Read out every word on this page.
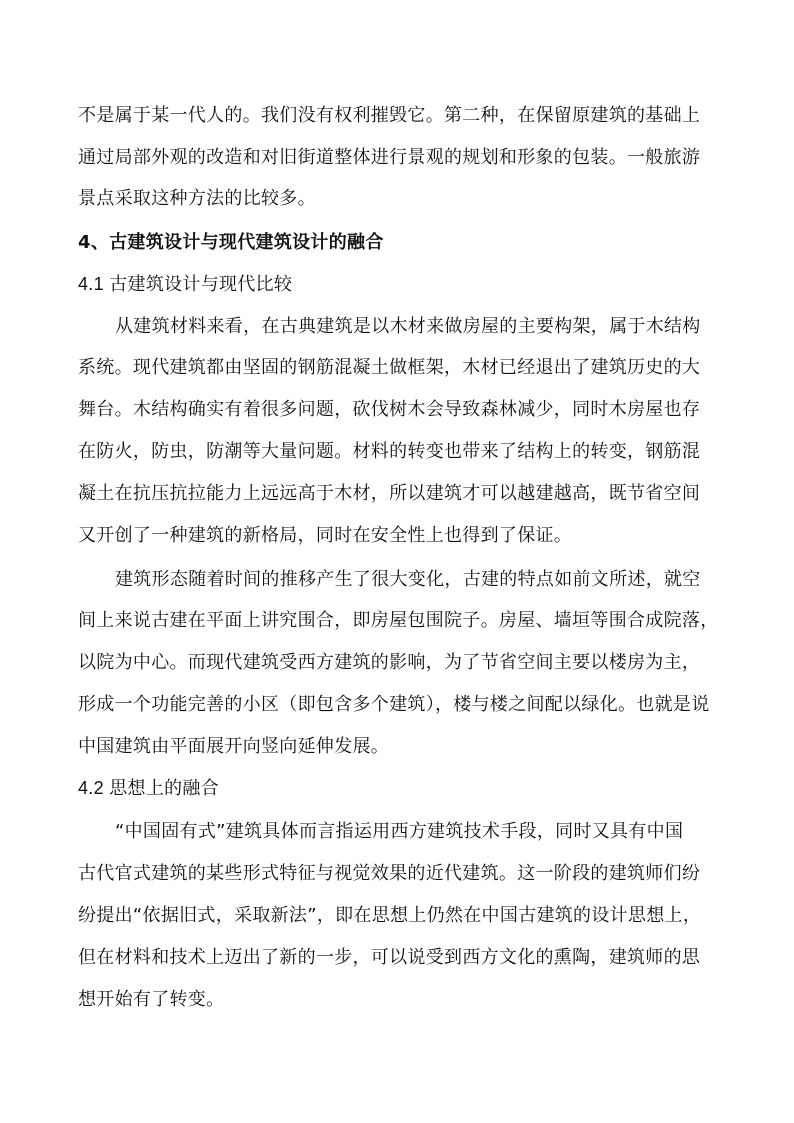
不是属于某一代人的。我们没有权利摧毁它。第二种，在保留原建筑的基础上
通过局部外观的改造和对旧街道整体进行景观的规划和形象的包装。一般旅游
景点采取这种方法的比较多。
4、古建筑设计与现代建筑设计的融合
4.1 古建筑设计与现代比较
从建筑材料来看，在古典建筑是以木材来做房屋的主要构架，属于木结构
系统。现代建筑都由坚固的钢筋混凝土做框架，木材已经退出了建筑历史的大
舞台。木结构确实有着很多问题，砍伐树木会导致森林减少，同时木房屋也存
在防火，防虫，防潮等大量问题。材料的转变也带来了结构上的转变，钢筋混
凝土在抗压抗拉能力上远远高于木材，所以建筑才可以越建越高，既节省空间
又开创了一种建筑的新格局，同时在安全性上也得到了保证。
建筑形态随着时间的推移产生了很大变化，古建的特点如前文所述，就空
间上来说古建在平面上讲究围合，即房屋包围院子。房屋、墙垣等围合成院落，
以院为中心。而现代建筑受西方建筑的影响，为了节省空间主要以楼房为主，
形成一个功能完善的小区（即包含多个建筑），楼与楼之间配以绿化。也就是说
中国建筑由平面展开向竖向延伸发展。
4.2 思想上的融合
“中国固有式”建筑具体而言指运用西方建筑技术手段，同时又具有中国
古代官式建筑的某些形式特征与视觉效果的近代建筑。这一阶段的建筑师们纷
纷提出“依据旧式，采取新法”，即在思想上仍然在中国古建筑的设计思想上，
但在材料和技术上迈出了新的一步，可以说受到西方文化的熏陶，建筑师的思
想开始有了转变。
